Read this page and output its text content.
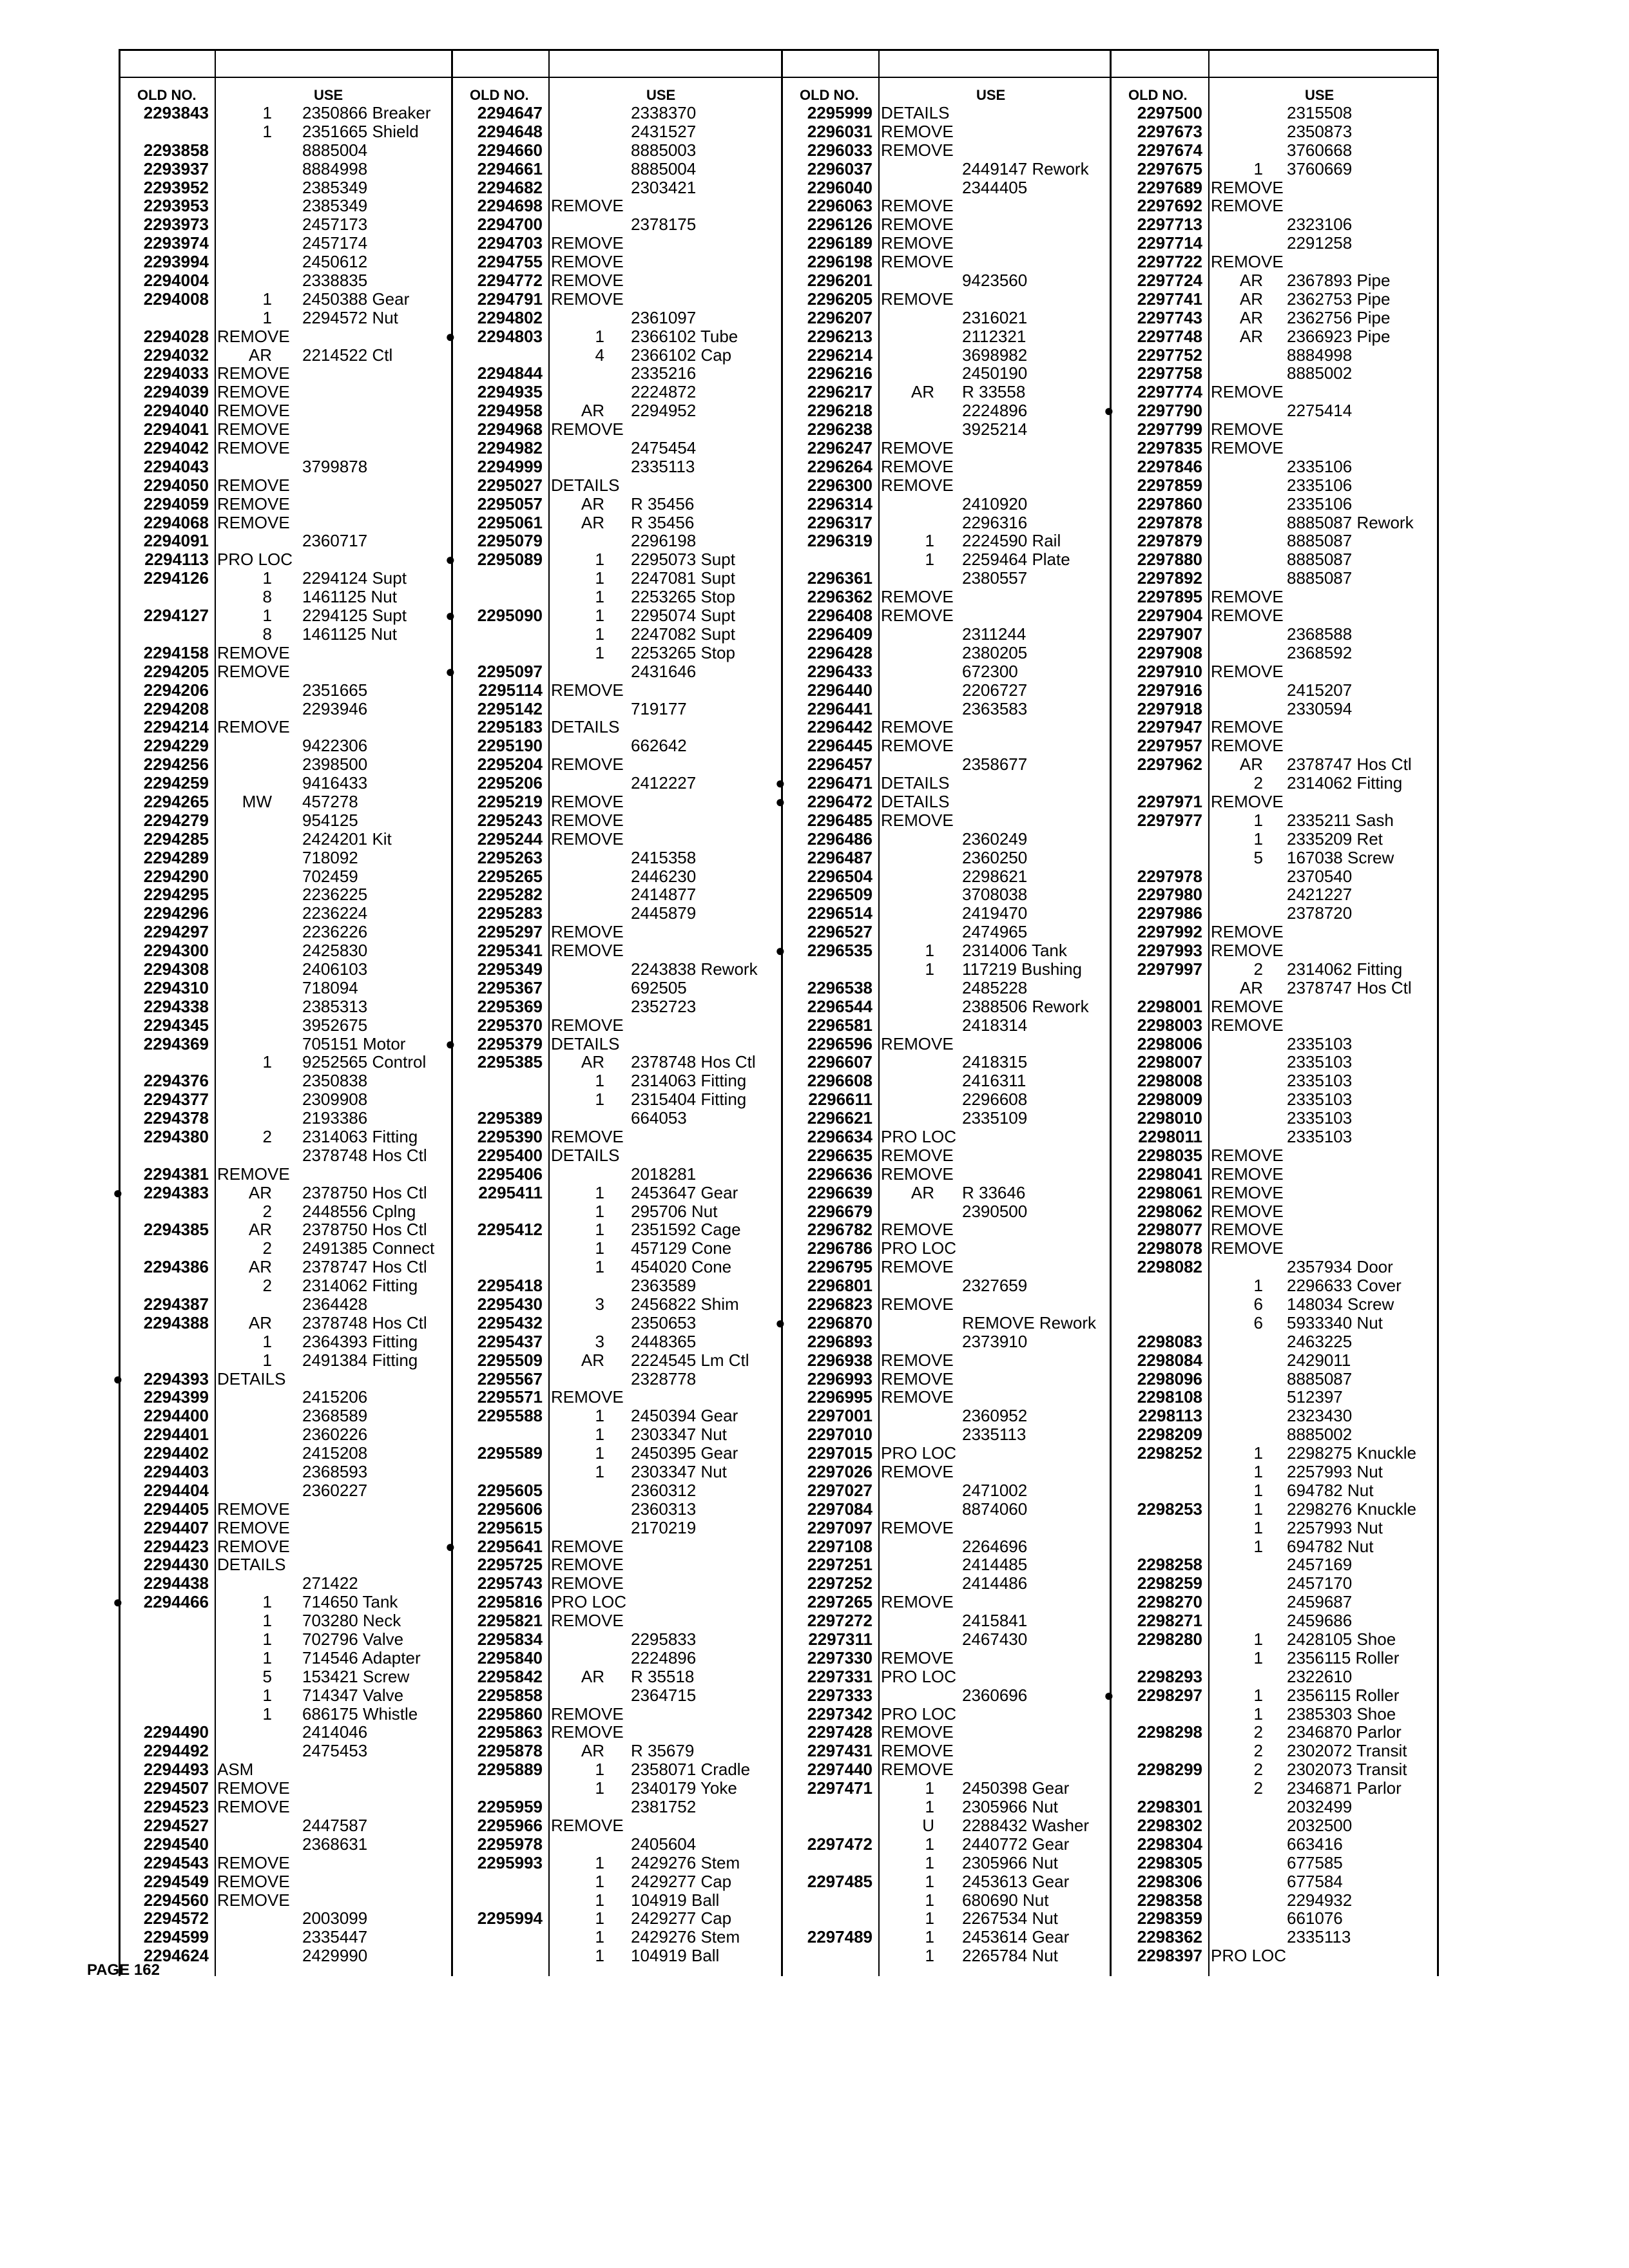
OLD NO.	USE
2293843	1 2350866 Breaker
1 2351665 Shield
2293858	8885004
2293937	8884998
2293952	2385349
2293953	2385349
2293973	2457173
2293974	2457174
2293994	2450612
2294004	2338835
2294008	1 2450388 Gear
1 2294572 Nut
2294028 REMOVE
2294032 AR 2214522 Ctl
2294033 REMOVE
2294039 REMOVE
2294040 REMOVE
2294041 REMOVE
2294042 REMOVE
2294043	3799878
2294050 REMOVE
2294059 REMOVE
2294068 REMOVE
2294091	2360717
2294113 PRO LOC
2294126	1 2294124 Supt
8 1461125 Nut
2294127	1 2294125 Supt
8 1461125 Nut
2294158 REMOVE
2294205 REMOVE
2294206	2351665
2294208	2293946
2294214 REMOVE
2294229	9422306
2294256	2398500
2294259	9416433
2294265 MW 457278
2294279	954125
2294285	2424201 Kit
2294289	718092
2294290	702459
2294295	2236225
2294296	2236224
2294297	2236226
2294300	2425830
2294308	2406103
2294310	718094
2294338	2385313
2294345	3952675
2294369	705151 Motor
1 9252565 Control
2294376	2350838
2294377	2309908
2294378	2193386
2294380	2 2314063 Fitting
2378748 Hos Ctl
2294381 REMOVE
● 2294383 AR 2378750 Hos Ctl
2 2448556 Cplng
2294385 AR 2378750 Hos Ctl
2 2491385 Connect
2294386 AR 2378747 Hos Ctl
2 2314062 Fitting
2294387	2364428
2294388 AR 2378748 Hos Ctl
1 2364393 Fitting
1 2491384 Fitting
● 2294393 DETAILS
2294399	2415206
2294400	2368589
2294401	2360226
2294402	2415208
2294403	2368593
2294404	2360227
2294405 REMOVE
2294407 REMOVE
2294423 REMOVE
2294430 DETAILS
2294438	271422
● 2294466	1 714650 Tank
1 703280 Neck
1 702796 Valve
1 714546 Adapter
5 153421 Screw
1 714347 Valve
1 686175 Whistle
2294490	2414046
2294492	2475453
2294493 ASM
2294507 REMOVE
2294523 REMOVE
2294527	2447587
2294540	2368631
2294543 REMOVE
2294549 REMOVE
2294560 REMOVE
2294572	2003099
2294599	2335447
2294624	2429990
OLD NO.	USE
2294647	2338370
2294648	2431527
2294660	8885003
2294661	8885004
2294682	2303421
2294698 REMOVE
2294700	2378175
2294703 REMOVE
2294755 REMOVE
2294772 REMOVE
2294791 REMOVE
2294802	2361097
● 2294803	1 2366102 Tube
4 2366102 Cap
2294844	2335216
2294935	2224872
2294958 AR 2294952
2294968 REMOVE
2294982	2475454
2294999	2335113
2295027 DETAILS
2295057 AR R 35456
2295061 AR R 35456
2295079	2296198
● 2295089	1 2295073 Supt
1 2247081 Supt
1 2253265 Stop
● 2295090	1 2295074 Supt
1 2247082 Supt
1 2253265 Stop
● 2295097	2431646
2295114 REMOVE
2295142	719177
2295183 DETAILS
2295190	662642
2295204 REMOVE
2295206	2412227
2295219 REMOVE
2295243 REMOVE
2295244 REMOVE
2295263	2415358
2295265	2446230
2295282	2414877
2295283	2445879
2295297 REMOVE
2295341 REMOVE
2295349	2243838 Rework
2295367	692505
2295369	2352723
2295370 REMOVE
● 2295379 DETAILS
2295385 AR 2378748 Hos Ctl
1 2314063 Fitting
1 2315404 Fitting
2295389	664053
2295390 REMOVE
2295400 DETAILS
2295406	2018281
2295411	1 2453647 Gear
1 295706 Nut
2295412	1 2351592 Cage
1 457129 Cone
1 454020 Cone
2295418	2363589
2295430	3 2456822 Shim
2295432	2350653
2295437	3 2448365
2295509 AR 2224545 Lm Ctl
2295567	2328778
2295571 REMOVE
2295588	1 2450394 Gear
1 2303347 Nut
2295589	1 2450395 Gear
1 2303347 Nut
2295605	2360312
2295606	2360313
2295615	2170219
● 2295641 REMOVE
2295725 REMOVE
2295743 REMOVE
2295816 PRO LOC
2295821 REMOVE
2295834	2295833
2295840	2224896
2295842 AR R 35518
2295858	2364715
2295860 REMOVE
2295863 REMOVE
2295878 AR R 35679
2295889	1 2358071 Cradle
1 2340179 Yoke
2295959	2381752
2295966 REMOVE
2295978	2405604
2295993	1 2429276 Stem
1 2429277 Cap
1 104919 Ball
2295994	1 2429277 Cap
1 2429276 Stem
1 104919 Ball
OLD NO.	USE
2295999 DETAILS
2296031 REMOVE
2296033 REMOVE
2296037	2449147 Rework
2296040	2344405
2296063 REMOVE
2296126 REMOVE
2296189 REMOVE
2296198 REMOVE
2296201	9423560
2296205 REMOVE
2296207	2316021
2296213	2112321
2296214	3698982
2296216	2450190
2296217 AR R 33558
2296218	2224896
2296238	3925214
2296247 REMOVE
2296264 REMOVE
2296300 REMOVE
2296314	2410920
2296317	2296316
2296319	1 2224590 Rail
1 2259464 Plate
2296361	2380557
2296362 REMOVE
2296408 REMOVE
2296409	2311244
2296428	2380205
2296433	672300
2296440	2206727
2296441	2363583
2296442 REMOVE
2296445 REMOVE
2296457	2358677
● 2296471 DETAILS
● 2296472 DETAILS
2296485 REMOVE
2296486	2360249
2296487	2360250
2296504	2298621
2296509	3708038
2296514	2419470
2296527	2474965
● 2296535	1 2314006 Tank
1 117219 Bushing
2296538	2485228
2296544	2388506 Rework
2296581	2418314
2296596 REMOVE
2296607	2418315
2296608	2416311
2296611	2296608
2296621	2335109
2296634 PRO LOC
2296635 REMOVE
2296636 REMOVE
2296639 AR R 33646
2296679	2390500
2296782 REMOVE
2296786 PRO LOC
2296795 REMOVE
2296801	2327659
2296823 REMOVE
● 2296870	REMOVE Rework
2296893	2373910
2296938 REMOVE
2296993 REMOVE
2296995 REMOVE
2297001	2360952
2297010	2335113
2297015 PRO LOC
2297026 REMOVE
2297027	2471002
2297084	8874060
2297097 REMOVE
2297108	2264696
2297251	2414485
2297252	2414486
2297265 REMOVE
2297272	2415841
2297311	2467430
2297330 REMOVE
2297331 PRO LOC
2297333	2360696
2297342 PRO LOC
2297428 REMOVE
2297431 REMOVE
2297440 REMOVE
2297471	1 2450398 Gear
1 2305966 Nut
U 2288432 Washer
2297472	1 2440772 Gear
1 2305966 Nut
2297485	1 2453613 Gear
1 680690 Nut
1 2267534 Nut
2297489	1 2453614 Gear
1 2265784 Nut
OLD NO.	USE
2297500	2315508
2297673	2350873
2297674	3760668
2297675	1 3760669
2297689 REMOVE
2297692 REMOVE
2297713	2323106
2297714	2291258
2297722 REMOVE
2297724 AR 2367893 Pipe
2297741 AR 2362753 Pipe
2297743 AR 2362756 Pipe
2297748 AR 2366923 Pipe
2297752	8884998
2297758	8885002
2297774 REMOVE
● 2297790	2275414
2297799 REMOVE
2297835 REMOVE
2297846	2335106
2297859	2335106
2297860	2335106
2297878	8885087 Rework
2297879	8885087
2297880	8885087
2297892	8885087
2297895 REMOVE
2297904 REMOVE
2297907	2368588
2297908	2368592
2297910 REMOVE
2297916	2415207
2297918	2330594
2297947 REMOVE
2297957 REMOVE
2297962 AR 2378747 Hos Ctl
2 2314062 Fitting
2297971 REMOVE
2297977	1 2335211 Sash
1 2335209 Ret
5 167038 Screw
2297978	2370540
2297980	2421227
2297986	2378720
2297992 REMOVE
2297993 REMOVE
2297997	2 2314062 Fitting
AR 2378747 Hos Ctl
2298001 REMOVE
2298003 REMOVE
2298006	2335103
2298007	2335103
2298008	2335103
2298009	2335103
2298010	2335103
2298011	2335103
2298035 REMOVE
2298041 REMOVE
2298061 REMOVE
2298062 REMOVE
2298077 REMOVE
2298078 REMOVE
2298082	2357934 Door
1 2296633 Cover
6 148034 Screw
6 5933340 Nut
2298083	2463225
2298084	2429011
2298096	8885087
2298108	512397
2298113	2323430
2298209	8885002
2298252	1 2298275 Knuckle
1 2257993 Nut
1 694782 Nut
2298253	1 2298276 Knuckle
1 2257993 Nut
1 694782 Nut
2298258	2457169
2298259	2457170
2298270	2459687
2298271	2459686
2298280	1 2428105 Shoe
1 2356115 Roller
2298293	2322610
● 2298297	1 2356115 Roller
1 2385303 Shoe
2298298	2 2346870 Parlor
2 2302072 Transit
2298299	2 2302073 Transit
2 2346871 Parlor
2298301	2032499
2298302	2032500
2298304	663416
2298305	677585
2298306	677584
2298358	2294932
2298359	661076
2298362	2335113
2298397 PRO LOC
PAGE 162
